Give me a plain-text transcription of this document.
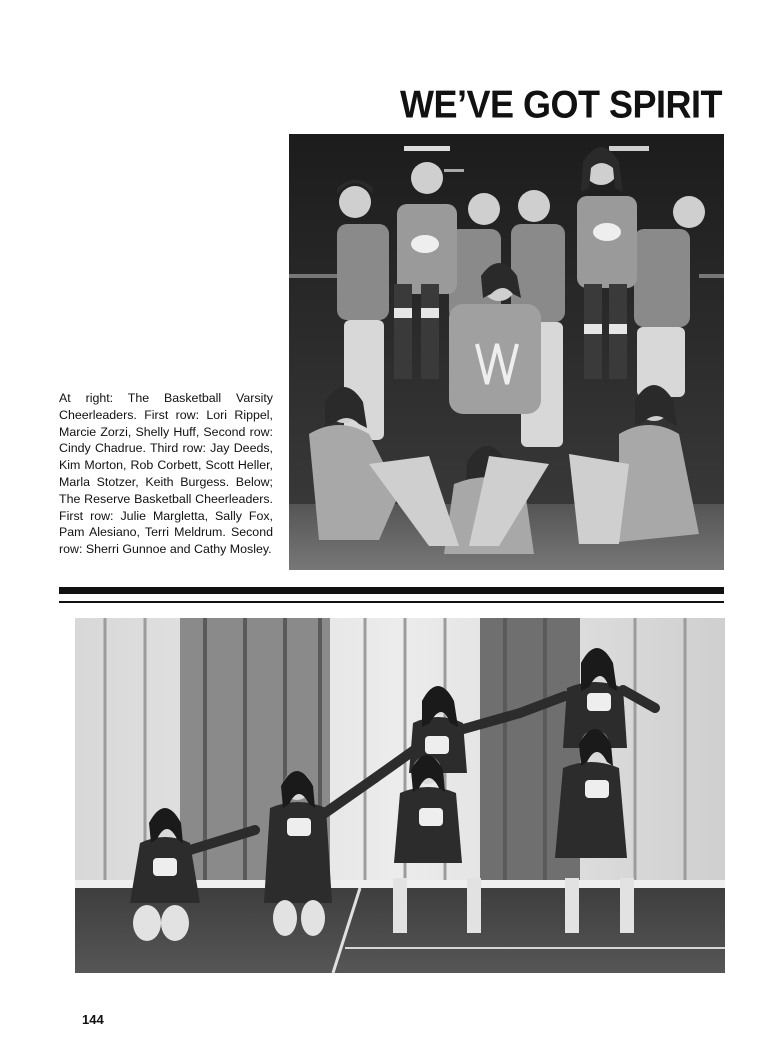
WE’VE GOT SPIRIT
At right: The Basketball Varsity Cheerleaders. First row: Lori Rippel, Marcie Zorzi, Shelly Huff, Second row: Cindy Chadrue. Third row: Jay Deeds, Kim Morton, Rob Corbett, Scott Heller, Marla Stotzer, Keith Burgess. Below; The Reserve Basketball Cheerleaders. First row: Julie Margletta, Sally Fox, Pam Alesiano, Terri Meldrum. Second row: Sherri Gunnoe and Cathy Mosley.
144
